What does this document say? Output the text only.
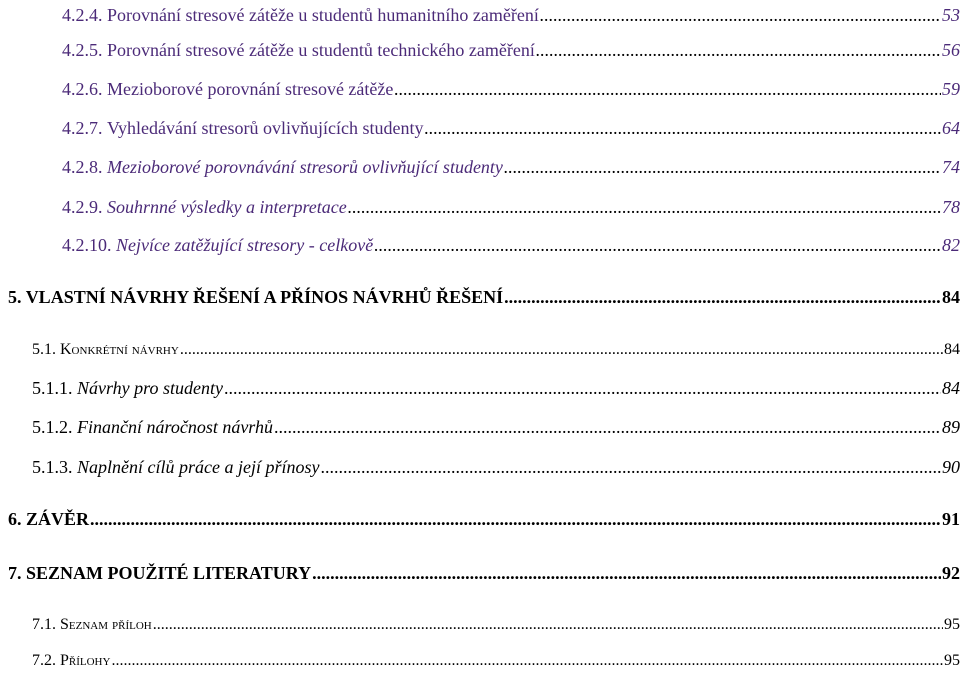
4.2.4. Porovnání stresové zátěže u studentů humanitního zaměření .....	53
4.2.5. Porovnání stresové zátěže u studentů technického zaměření .....	56
4.2.6. Mezioborové porovnání stresové zátěže .....	59
4.2.7. Vyhledávání stresorů ovlivňujících studenty .....	64
4.2.8. Mezioborové porovnávání stresorů ovlivňující studenty .....	74
4.2.9. Souhrnné výsledky a interpretace .....	78
4.2.10. Nejvíce zatěžující stresory - celkově .....	82
5. VLASTNÍ NÁVRHY ŘEŠENÍ A PŘÍNOS NÁVRHŮ ŘEŠENÍ .....	84
5.1. Konkrétní návrhy .....	84
5.1.1. Návrhy pro studenty .....	84
5.1.2. Finanční náročnost návrhů .....	89
5.1.3. Naplnění cílů práce a její přínosy .....	90
6. ZÁVĚR .....	91
7. SEZNAM POUŽITÉ LITERATURY .....	92
7.1. Seznam příloh .....	95
7.2. Přílohy .....	95
